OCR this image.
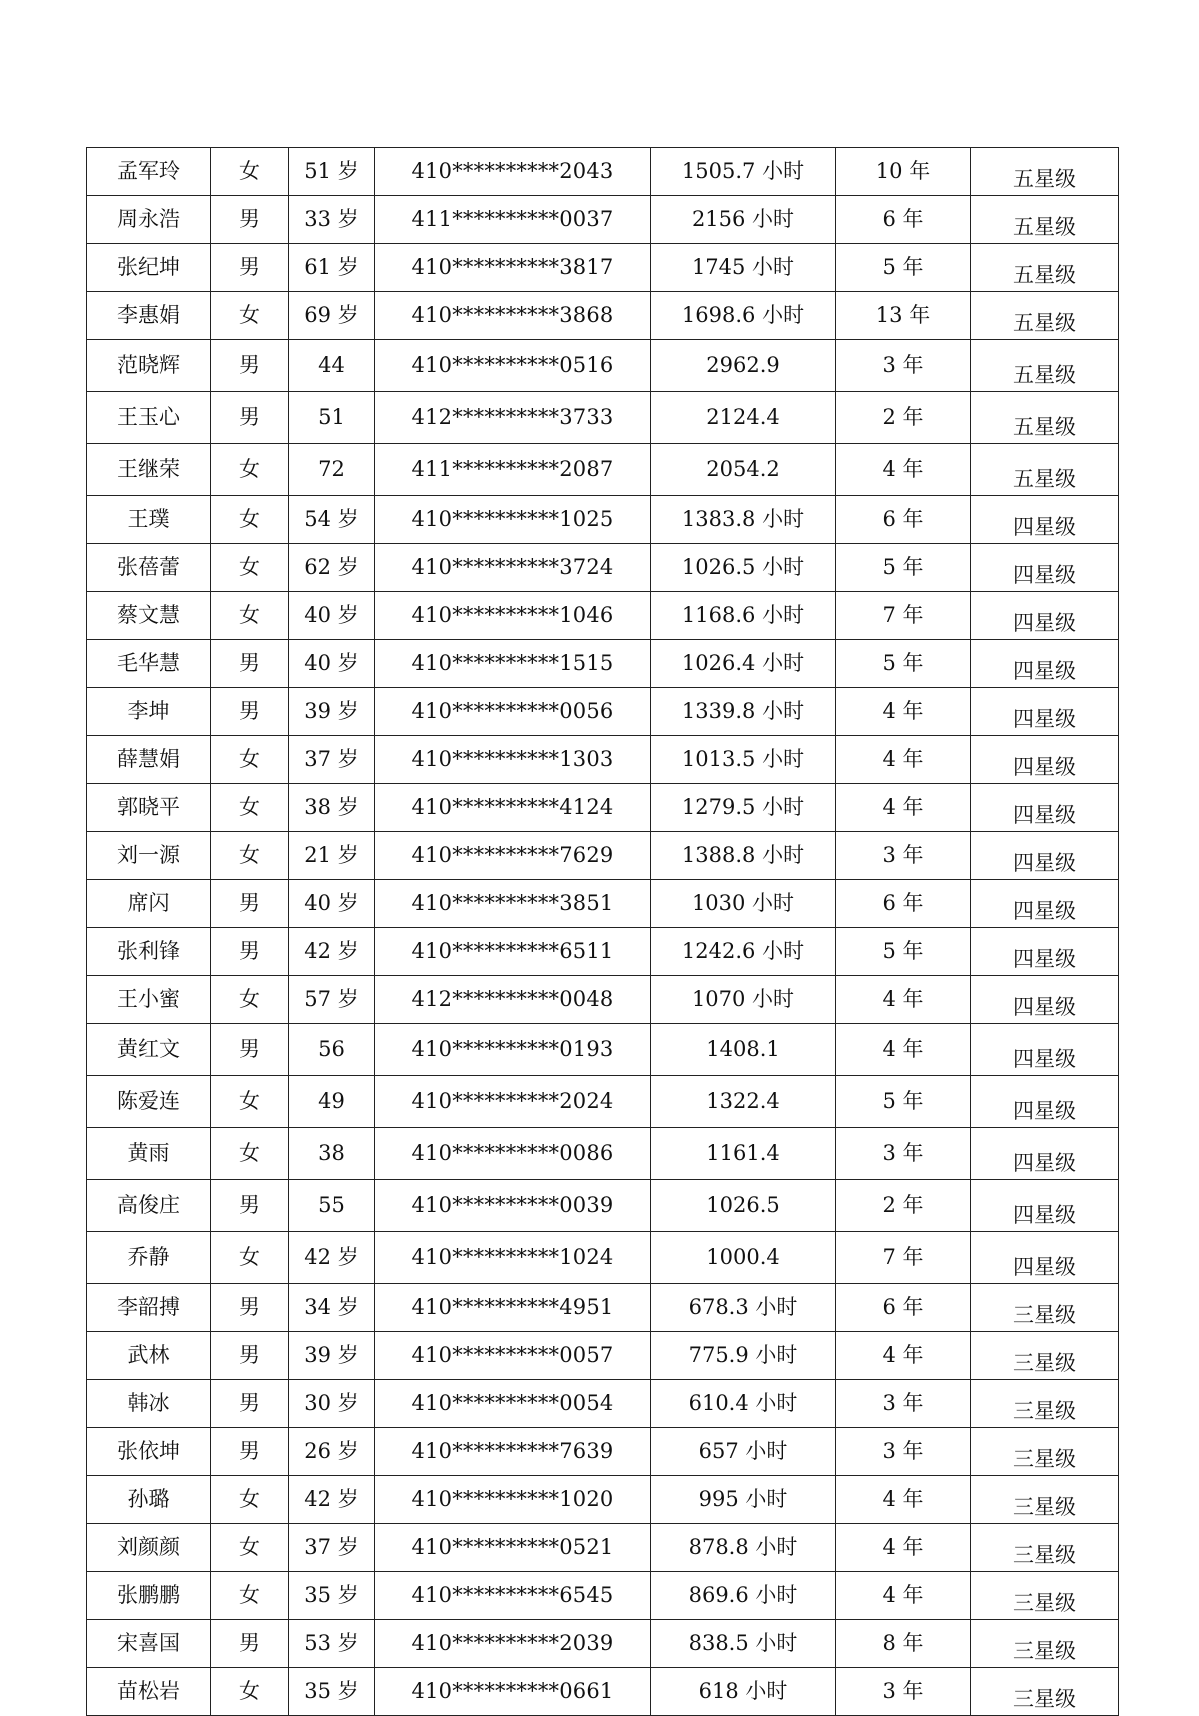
孟军玲	女	51 岁	410**********2043	1505.7 小时	10 年	五星级
周永浩	男	33 岁	411**********0037	2156 小时	6 年	五星级
张纪坤	男	61 岁	410**********3817	1745 小时	5 年	五星级
李惠娟	女	69 岁	410**********3868	1698.6 小时	13 年	五星级
范晓辉	男	44	410**********0516	2962.9	3 年	五星级
王玉心	男	51	412**********3733	2124.4	2 年	五星级
王继荣	女	72	411**********2087	2054.2	4 年	五星级
王璞	女	54 岁	410**********1025	1383.8 小时	6 年	四星级
张蓓蕾	女	62 岁	410**********3724	1026.5 小时	5 年	四星级
蔡文慧	女	40 岁	410**********1046	1168.6 小时	7 年	四星级
毛华慧	男	40 岁	410**********1515	1026.4 小时	5 年	四星级
李坤	男	39 岁	410**********0056	1339.8 小时	4 年	四星级
薛慧娟	女	37 岁	410**********1303	1013.5 小时	4 年	四星级
郭晓平	女	38 岁	410**********4124	1279.5 小时	4 年	四星级
刘一源	女	21 岁	410**********7629	1388.8 小时	3 年	四星级
席闪	男	40 岁	410**********3851	1030 小时	6 年	四星级
张利锋	男	42 岁	410**********6511	1242.6 小时	5 年	四星级
王小蜜	女	57 岁	412**********0048	1070 小时	4 年	四星级
黄红文	男	56	410**********0193	1408.1	4 年	四星级
陈爱连	女	49	410**********2024	1322.4	5 年	四星级
黄雨	女	38	410**********0086	1161.4	3 年	四星级
高俊庄	男	55	410**********0039	1026.5	2 年	四星级
乔静	女	42 岁	410**********1024	1000.4	7 年	四星级
李韶搏	男	34 岁	410**********4951	678.3 小时	6 年	三星级
武林	男	39 岁	410**********0057	775.9 小时	4 年	三星级
韩冰	男	30 岁	410**********0054	610.4 小时	3 年	三星级
张依坤	男	26 岁	410**********7639	657 小时	3 年	三星级
孙璐	女	42 岁	410**********1020	995 小时	4 年	三星级
刘颜颜	女	37 岁	410**********0521	878.8 小时	4 年	三星级
张鹏鹏	女	35 岁	410**********6545	869.6 小时	4 年	三星级
宋喜国	男	53 岁	410**********2039	838.5 小时	8 年	三星级
苗松岩	女	35 岁	410**********0661	618 小时	3 年	三星级
